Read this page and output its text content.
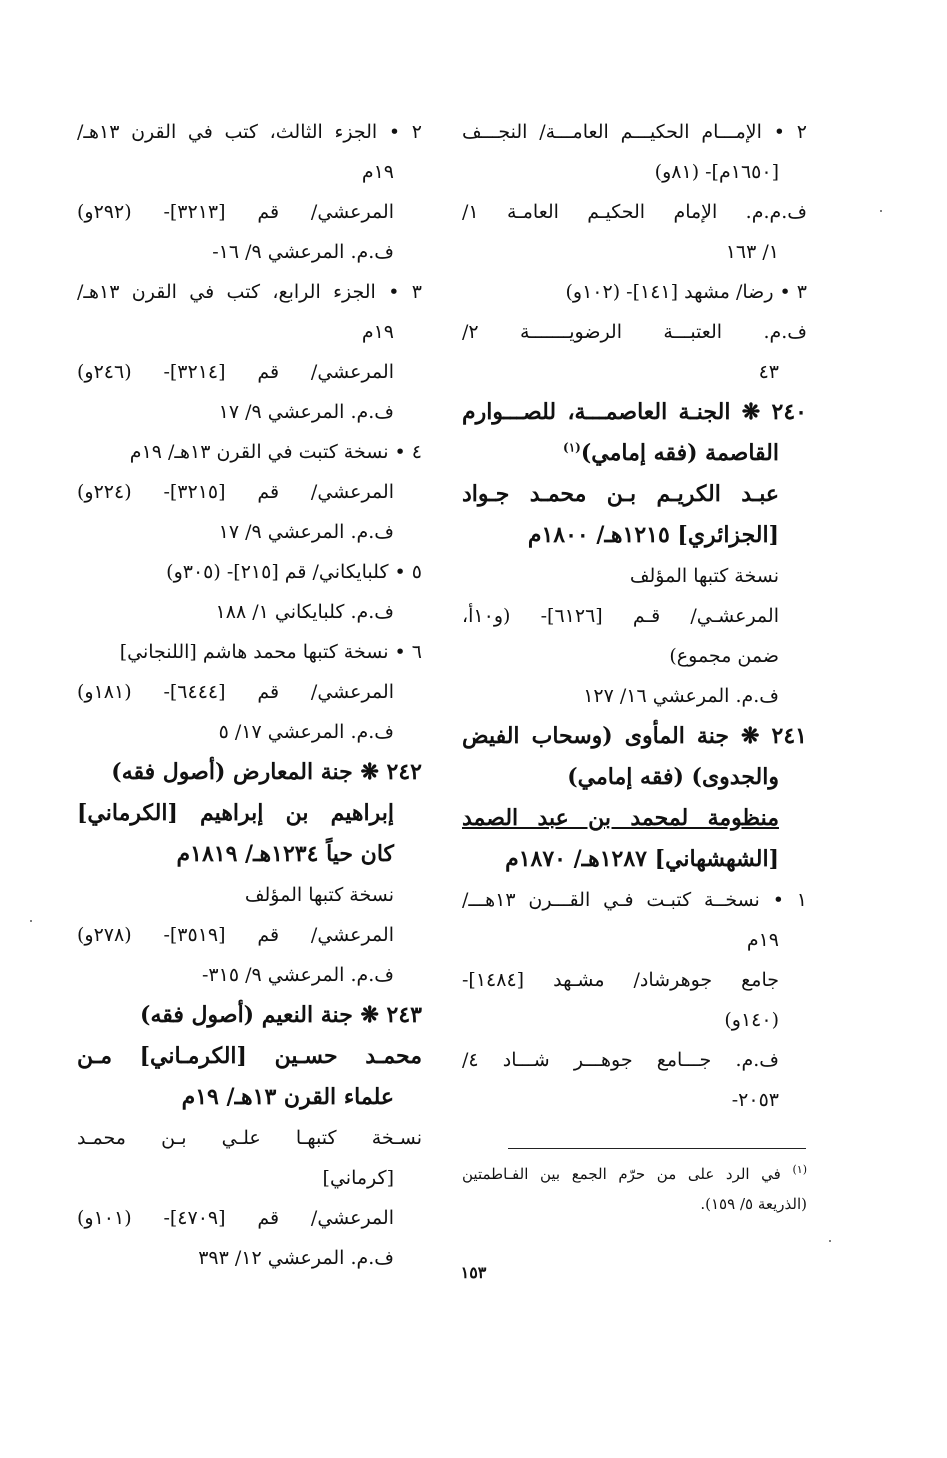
٢ • الإمـــام الحكيـــم العامـــة/ النجـــف
[١٦٥٠م]- (٨١و)
ف.م.م. الإمام الحكيـم العامـة ١/
١/ ١٦٣
٣ • رضا/ مشهد [١٤١]- (١٠٢و)
ف.م. العتبـــة الرضويـــــــة ٢/
٤٣
٢٤٠ ❋ الجنـة العاصمـــة، للصـــوارم
القاصمة (فقه إمامي)$^{(١)}$
عبـد الكريـم بـن محمـد جـواد
[الجزائري] ١٢١٥هـ/ ١٨٠٠م
نسخة كتبها المؤلف
المرعشـي/ قـم [٦١٢٦]- (و١٠أ،
ضمن مجموع)
ف.م. المرعشي ١٦/ ١٢٧
٢٤١ ❋ جنة المأوى (وسحاب الفيض
والجدوى) (فقه إمامي)
منظومة لمحمد بن عبد الصمد
[الشهشهاني] ١٢٨٧هـ/ ١٨٧٠م
١ • نسخــة كتبـت فـي القـــرن ١٣هـــ/
١٩م
جامع جوهرشاد/ مشـهد [١٤٨٤]-
(١٤٠و)
ف.م. جـــامع جوهـــر شـــاد ٤/
٢٠٥٣-
٢ • الجزء الثالث، كتب في القرن ١٣هـ/
١٩م
المرعشي/ قم [٣٢١٣]- (٢٩٢و)
ف.م. المرعشي ٩/ ١٦-
٣ • الجزء الرابع، كتب في القرن ١٣هـ/
١٩م
المرعشي/ قم [٣٢١٤]- (٢٤٦و)
ف.م. المرعشي ٩/ ١٧
٤ • نسخة كتبت في القرن ١٣هـ/ ١٩م
المرعشي/ قم [٣٢١٥]- (٢٢٤و)
ف.م. المرعشي ٩/ ١٧
٥ • كلبايكاني/ قم [٢١٥]- (٣٠٥و)
ف.م. كلبايكاني ١/ ١٨٨
٦ • نسخة كتبها محمد هاشم [اللنجاني]
المرعشي/ قم [٦٤٤٤]- (١٨١و)
ف.م. المرعشي ١٧/ ٥
٢٤٢ ❋ جنة المعارض (أصول فقه)
إبراهيم بن إبراهيم [الكرماني]
كان حياً ١٢٣٤هـ/ ١٨١٩م
نسخة كتبها المؤلف
المرعشي/ قم [٣٥١٩]- (٢٧٨و)
ف.م. المرعشي ٩/ ٣١٥-
٢٤٣ ❋ جنة النعيم (أصول فقه)
محمـد حسـين [الكرمـاني] مـن
علماء القرن ١٣هـ/ ١٩م
نسـخة كتبهـا علـي بـن محمـد
[كرماني]
المرعشي/ قم [٤٧٠٩]- (١٠١و)
ف.م. المرعشي ١٢/ ٣٩٣
$^{(١)}$ في الرد على من حرّم الجمع بين الفـاطمتين
(الذريعة ٥/ ١٥٩).
١٥٣
